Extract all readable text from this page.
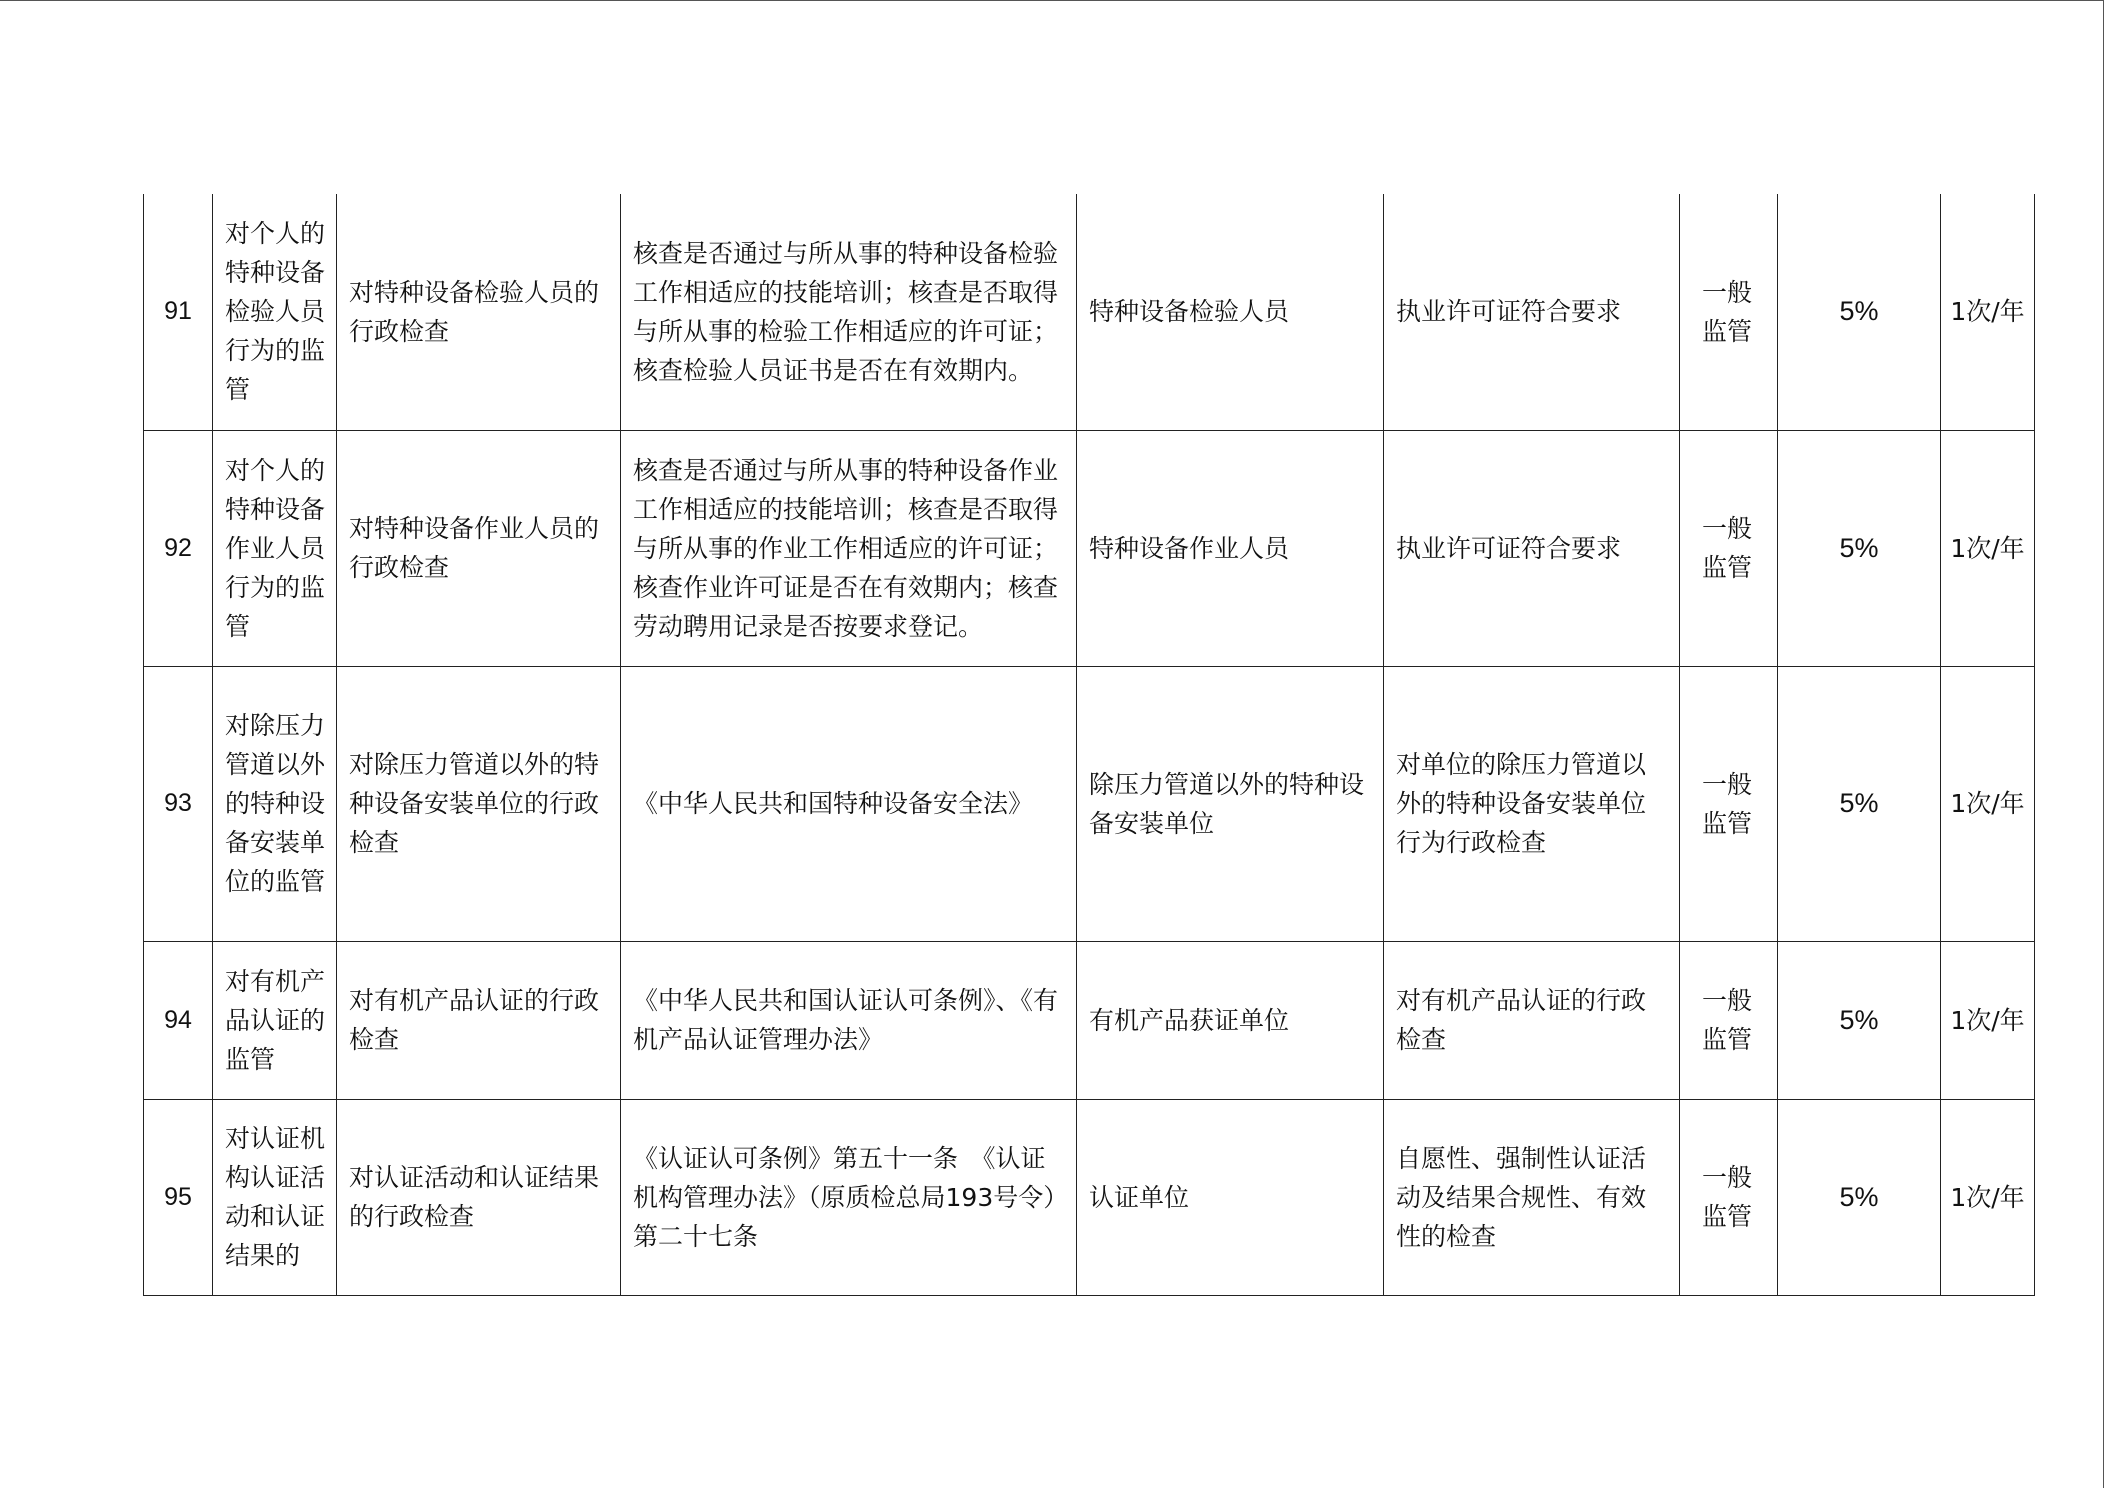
91	对个人的特种设备检验人员行为的监管	对特种设备检验人员的行政检查	核查是否通过与所从事的特种设备检验工作相适应的技能培训；核查是否取得与所从事的检验工作相适应的许可证；核查检验人员证书是否在有效期内。	特种设备检验人员	执业许可证符合要求	一般监管	5%	1次/年
92	对个人的特种设备作业人员行为的监管	对特种设备作业人员的行政检查	核查是否通过与所从事的特种设备作业工作相适应的技能培训；核查是否取得与所从事的作业工作相适应的许可证；核查作业许可证是否在有效期内；核查劳动聘用记录是否按要求登记。	特种设备作业人员	执业许可证符合要求	一般监管	5%	1次/年
93	对除压力管道以外的特种设备安装单位的监管	对除压力管道以外的特种设备安装单位的行政检查	《中华人民共和国特种设备安全法》	除压力管道以外的特种设备安装单位	对单位的除压力管道以外的特种设备安装单位行为行政检查	一般监管	5%	1次/年
94	对有机产品认证的监管	对有机产品认证的行政检查	《中华人民共和国认证认可条例》、《有机产品认证管理办法》	有机产品获证单位	对有机产品认证的行政检查	一般监管	5%	1次/年
95	对认证机构认证活动和认证结果的	对认证活动和认证结果的行政检查	《认证认可条例》第五十一条　《认证机构管理办法》（原质检总局193号令）第二十七条	认证单位	自愿性、强制性认证活动及结果合规性、有效性的检查	一般监管	5%	1次/年
